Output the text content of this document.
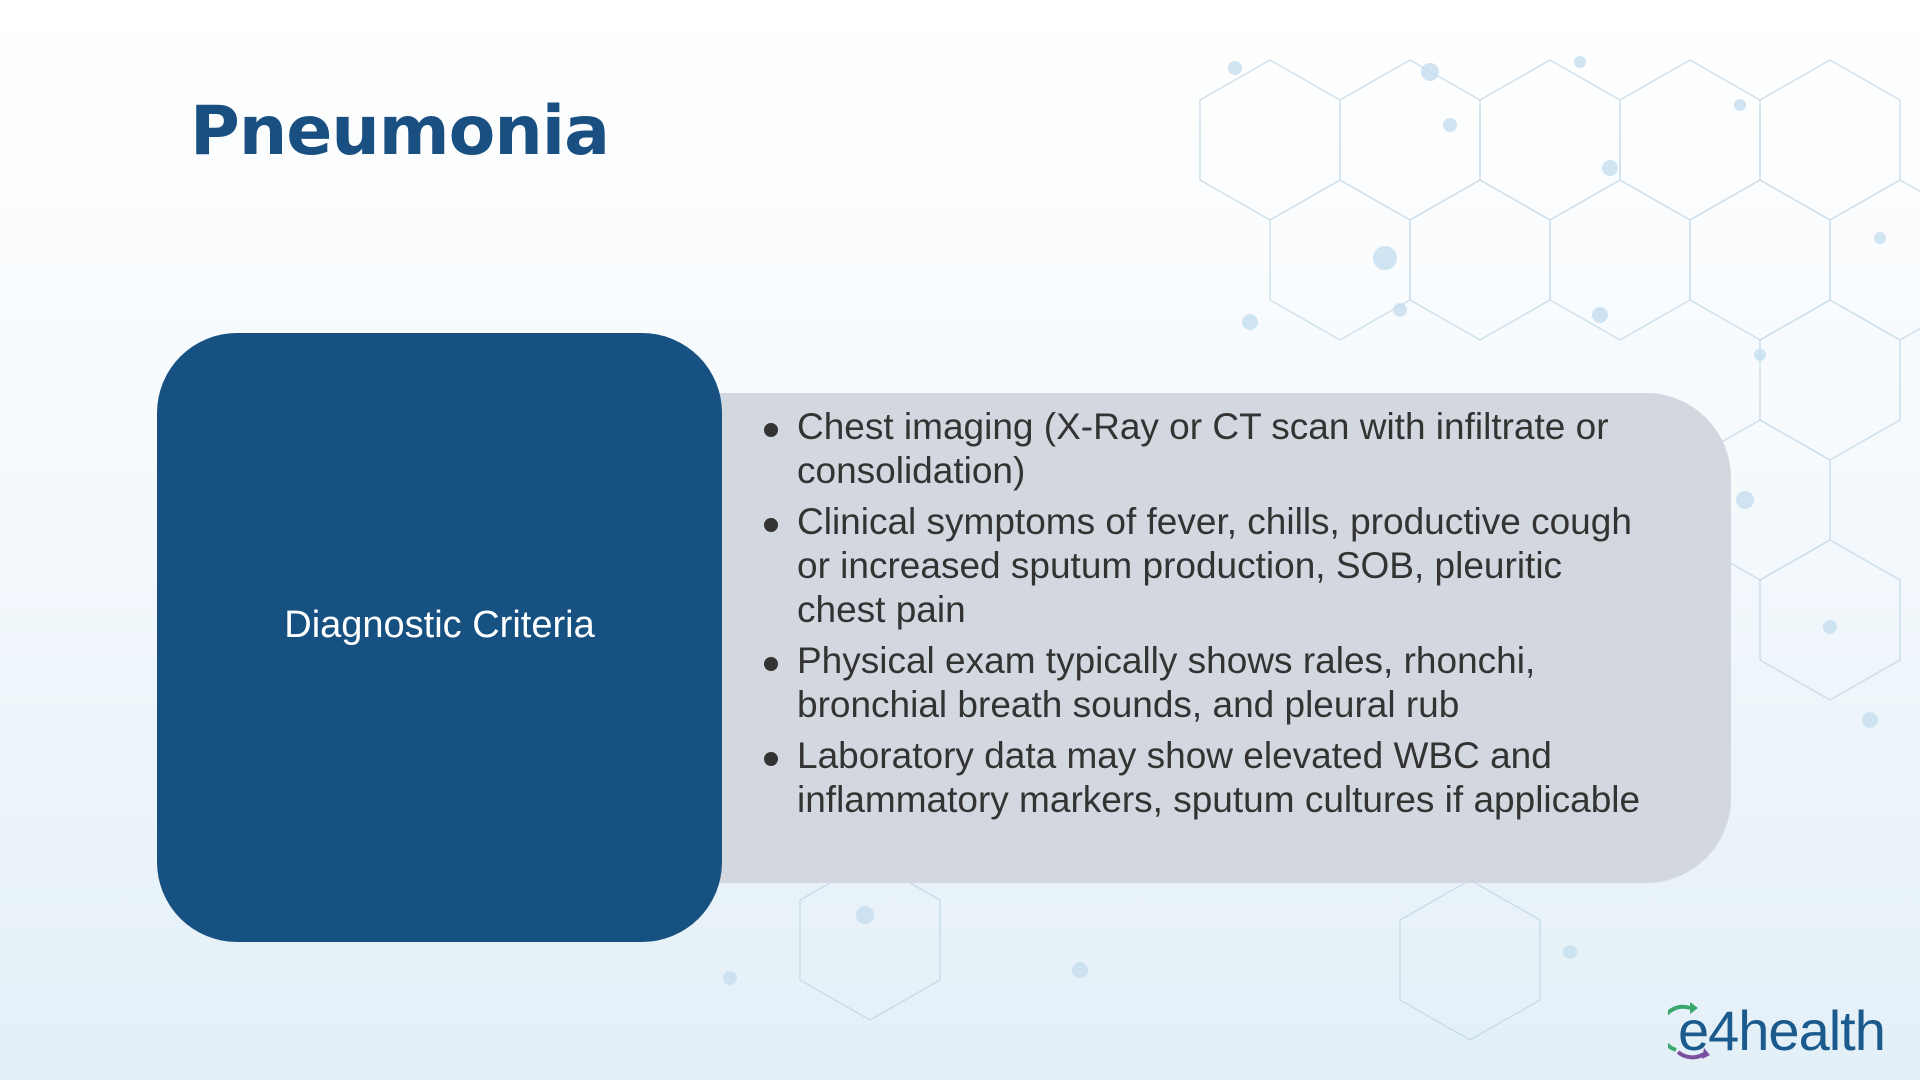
Pneumonia
Chest imaging (X-Ray or CT scan with infiltrate or consolidation)
Clinical symptoms of fever, chills, productive cough or increased sputum production, SOB, pleuritic chest pain
Physical exam typically shows rales, rhonchi, bronchial breath sounds, and pleural rub
Laboratory data may show elevated WBC and inflammatory markers, sputum cultures if applicable
Diagnostic Criteria
e4health
